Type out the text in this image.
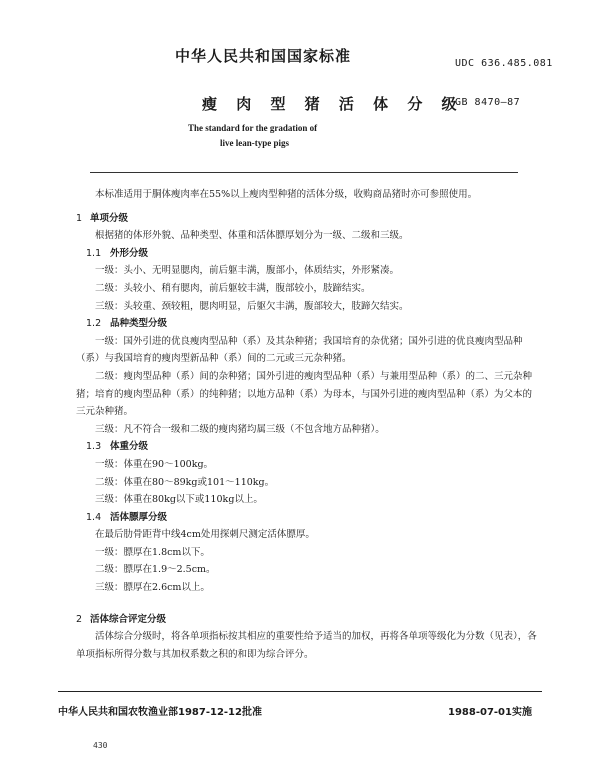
中华人民共和国国家标准	UDC 636.485.081
瘦 肉 型 猪 活 体 分 级
GB 8470—87
The standard for the gradation of
live lean-type pigs

本标准适用于胴体瘦肉率在55%以上瘦肉型种猪的活体分级，收购商品猪时亦可参照使用。

1 单项分级

根据猪的体形外貌、品种类型、体重和活体膘厚划分为一级、二级和三级。

1.1 外形分级

一级：头小、无明显腮肉，前后躯丰满，腹部小，体质结实，外形紧凑。

二级：头较小、稍有腮肉，前后躯较丰满，腹部较小，肢蹄结实。

三级：头较重、颈较粗，腮肉明显，后躯欠丰满，腹部较大，肢蹄欠结实。

1.2 品种类型分级

一级：国外引进的优良瘦肉型品种（系）及其杂种猪；我国培育的杂优猪；国外引进的优良瘦肉型品种（系）与我国培育的瘦肉型新品种（系）间的二元或三元杂种猪。

二级：瘦肉型品种（系）间的杂种猪；国外引进的瘦肉型品种（系）与兼用型品种（系）的二、三元杂种猪；培育的瘦肉型品种（系）的纯种猪；以地方品种（系）为母本，与国外引进的瘦肉型品种（系）为父本的三元杂种猪。

三级：凡不符合一级和二级的瘦肉猪均属三级（不包含地方品种猪）。

1.3 体重分级

一级：体重在90～100kg。

二级：体重在80～89kg或101～110kg。

三级：体重在80kg以下或110kg以上。

1.4 活体膘厚分级

在最后肋骨距背中线4cm处用探刺尺测定活体膘厚。

一级：膘厚在1.8cm以下。

二级：膘厚在1.9～2.5cm。

三级：膘厚在2.6cm以上。

2 活体综合评定分级

活体综合分级时，将各单项指标按其相应的重要性给予适当的加权，再将各单项等级化为分数（见表），各单项指标所得分数与其加权系数之积的和即为综合评分。

中华人民共和国农牧渔业部1987-12-12批准	1988-07-01实施
430
